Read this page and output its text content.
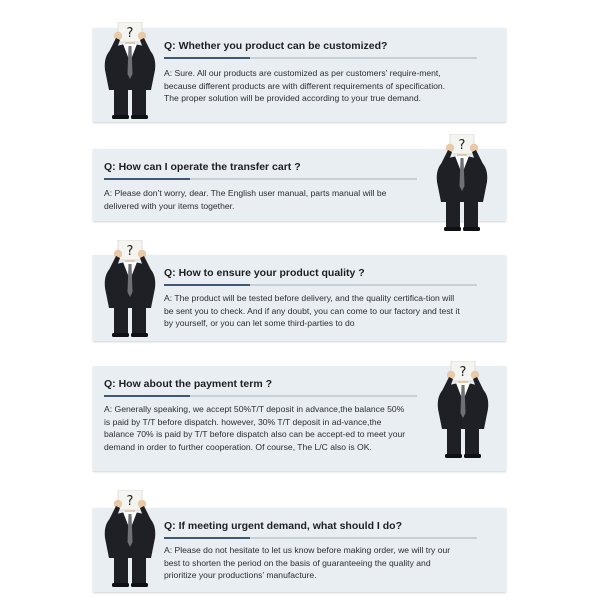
Q: Whether you product can be customized?
A: Sure. All our products are customized as per customers’ require-ment, because different products are with different requirements of specification. The proper solution will be provided according to your true demand.
?
Q: How can I operate the transfer cart ?
A: Please don’t worry, dear. The English user manual, parts manual will be delivered with your items together.
?
Q: How to ensure your product quality ?
A: The product will be tested before delivery, and the quality certifica-tion will be sent you to check. And if any doubt, you can come to our factory and test it by yourself, or you can let some third-parties to do
?
Q: How about the payment term ?
A: Generally speaking, we accept 50%T/T deposit in advance,the balance 50% is paid by T/T before dispatch. however, 30% T/T deposit in ad-vance,the balance 70% is paid by T/T before dispatch also can be accept-ed to meet your demand in order to further cooperation. Of course, The L/C also is OK.
?
Q: If meeting urgent demand, what should I do?
A: Please do not hesitate to let us know before making order, we will try our best to shorten the period on the basis of guaranteeing the quality and prioritize your productions’ manufacture.
?
